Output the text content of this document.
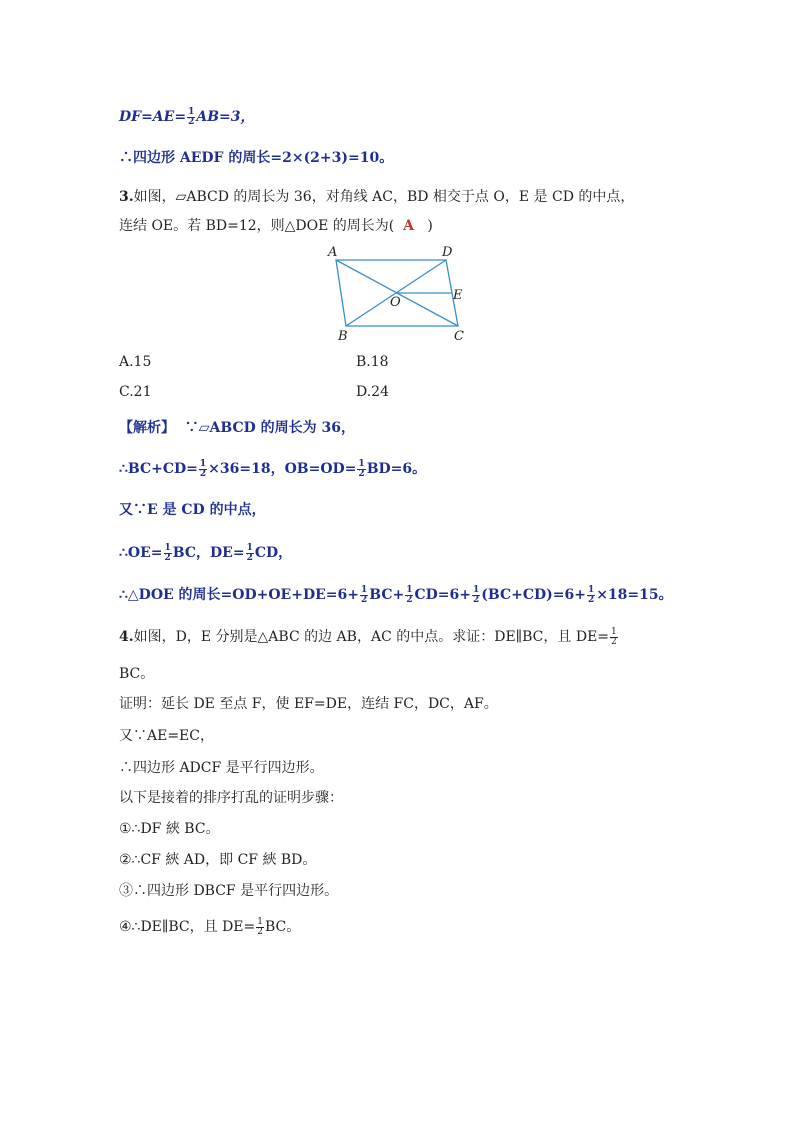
$DF=AE= \frac{1}{2} AB=3$，
∴四边形 AEDF 的周长=2×(2+3)=10。
3.如图，▱ABCD 的周长为 36，对角线 AC，BD 相交于点 O，E 是 CD 的中点，
连结 OE。若 BD=12，则△DOE 的周长为( A )
A	D
O	E
B	C
A.15	B.18
C.21	D.24
【解析】 ∵▱ABCD 的周长为 36，
∴BC+CD= $\frac{1}{2} \times 36=18$，$OB=OD= \frac{1}{2} BD=6$。
又∵E 是 CD 的中点，
∴OE= $\frac{1}{2}$ BC，$DE= \frac{1}{2}$ CD，
∴△DOE 的周长$=OD+OE+DE=6+ \frac{1}{2} BC+ \frac{1}{2} CD=6+ \frac{1}{2} (BC+CD)=6+ \frac{1}{2} \times 18=15$。
4.如图，D，E 分别是△ABC 的边 AB，AC 的中点。求证：DE∥BC，且 $DE= \frac{1}{2}$
BC。
证明：延长 DE 至点 F，使 EF=DE，连结 FC，DC，AF。
又∵AE=EC，
∴四边形 ADCF 是平行四边形。
以下是接着的排序打乱的证明步骤：
①∴DF 綊 BC。
②∴CF 綊 AD，即 CF 綊 BD。
③∴四边形 DBCF 是平行四边形。
④∴DE∥BC，且 $DE= \frac{1}{2}$ BC。
